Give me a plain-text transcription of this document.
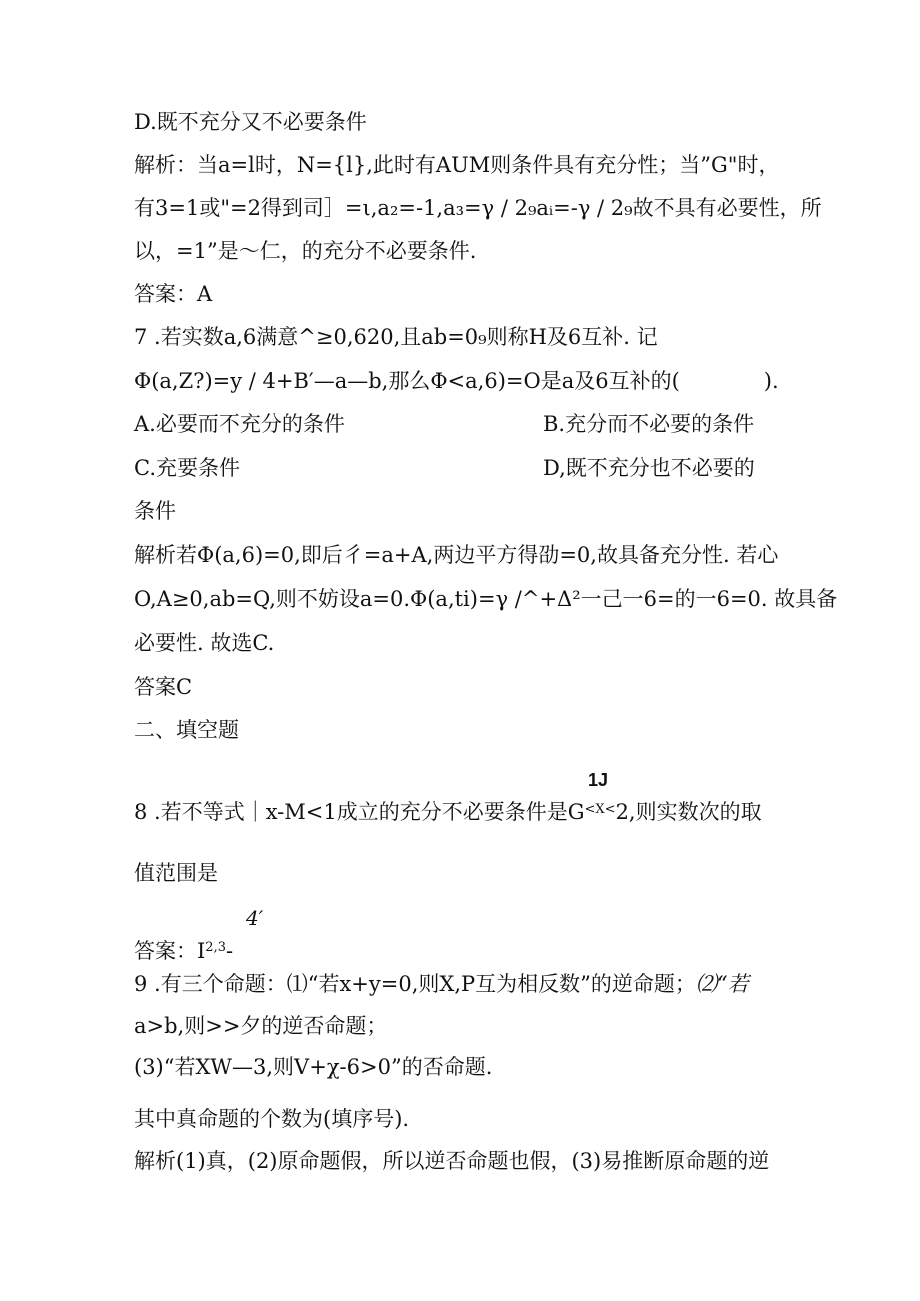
D.既不充分又不必要条件
解析：当a=l时，N={l},此时有AUM则条件具有充分性；当”G"时，
有3=1或"=2得到司］=ι,a₂=-1,a₃=γ / 2₉aᵢ=-γ / 2₉故不具有必要性，所
以，=1”是～仁，的充分不必要条件.
答案：A
7 .若实数a,6满意^≥0,620,且ab=0₉则称H及6互补. 记
Φ(a,Z?)=y / 4+B′—a—b,那么Φ<a,6)=O是a及6互补的(　　　　).
A.必要而不充分的条件	B.充分而不必要的条件
C.充要条件	D,既不充分也不必要的
条件
解析若Φ(a,6)=0,即后彳=a+A,两边平方得劭=0,故具备充分性. 若心
O,A≥0,ab=Q,则不妨设a=0.Φ(a,ti)=γ /^+Δ²一己一6=的一6=0. 故具备
必要性. 故选C.
答案C
二、填空题
1J
8 .若不等式｜x-M<1成立的充分不必要条件是$G^{<X<}2$,则实数次的取
值范围是
4′
答案：I$^{2,3}$-
9 .有三个命题：⑴“若x+y=0,则X,P互为相反数”的逆命题；⑵“若
a>b,则>>夕的逆否命题；
(3)“若XW—3,则V+χ-6>0”的否命题.
其中真命题的个数为(填序号).
解析(1)真，(2)原命题假，所以逆否命题也假，(3)易推断原命题的逆
